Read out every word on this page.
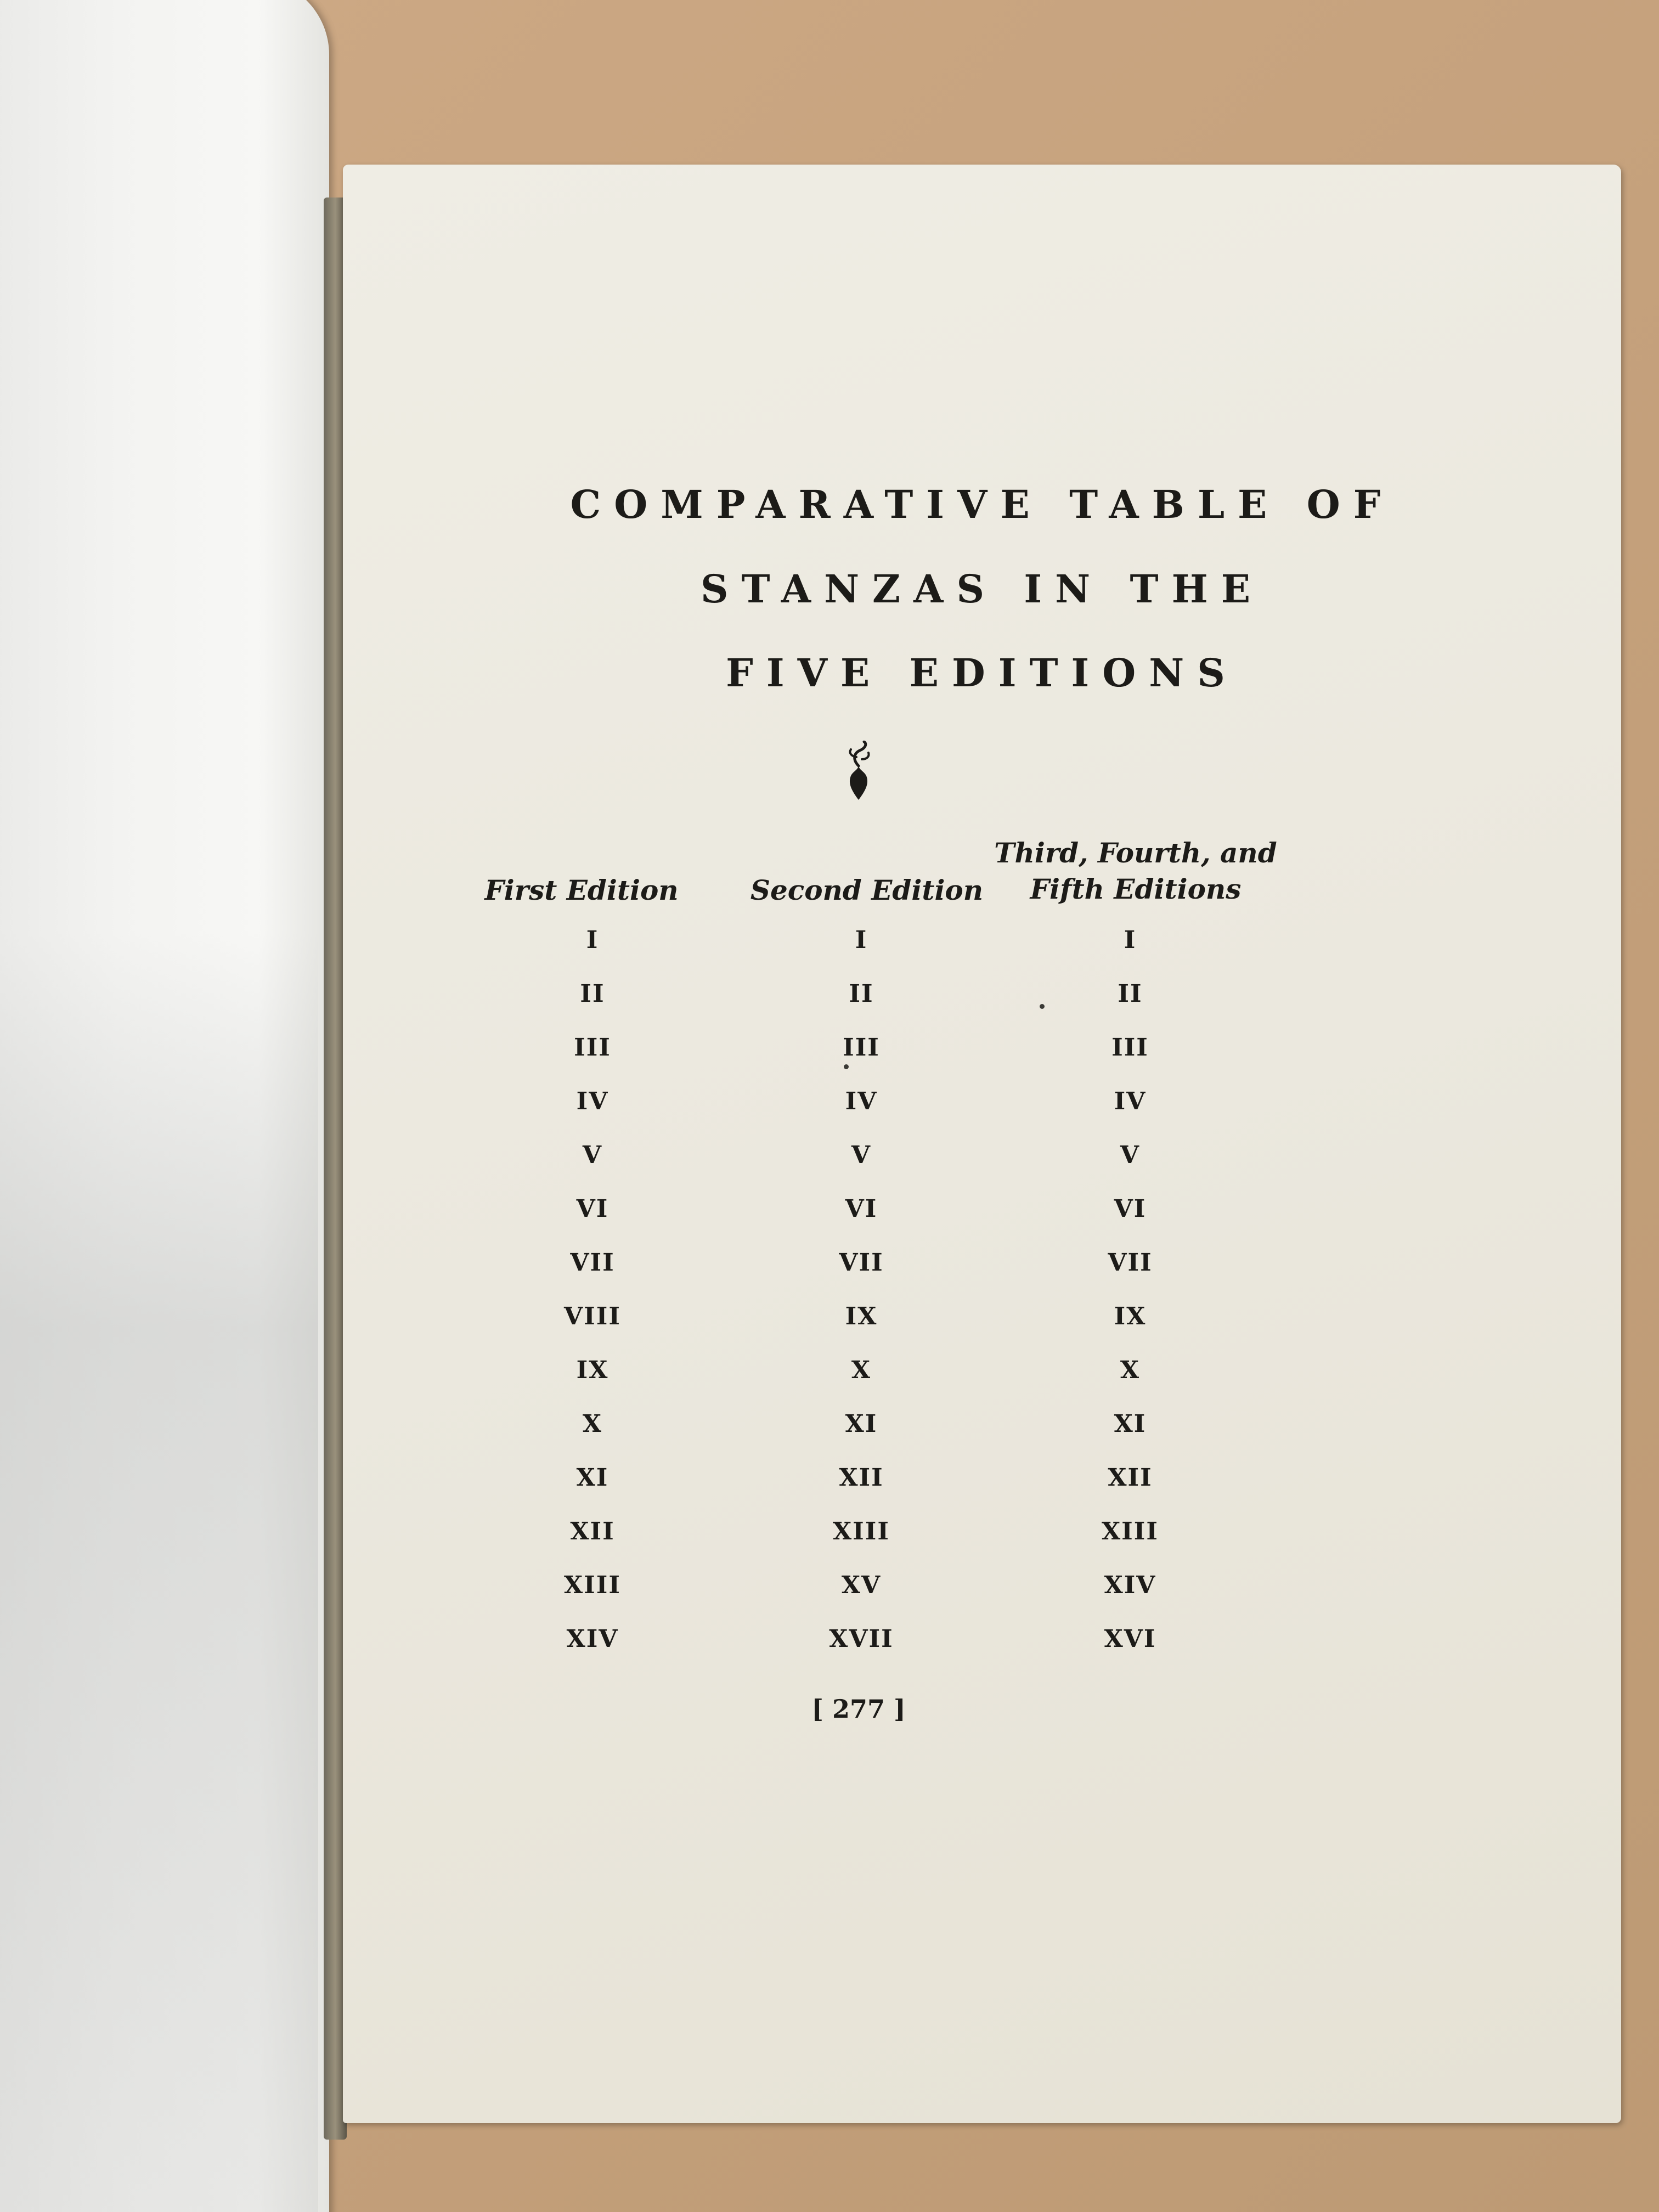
COMPARATIVE TABLE OF
STANZAS IN THE
FIVE EDITIONS
First Edition	Second Edition
Third, Fourth, and Fifth Editions
I
II
III
IV
V
VI
VII
VIII
IX
X
XI
XII
XIII
XIV
I
II
III
IV
V
VI
VII
IX
X
XI
XII
XIII
XV
XVII
I
II
III
IV
V
VI
VII
IX
X
XI
XII
XIII
XIV
XVI
[ 277 ]
